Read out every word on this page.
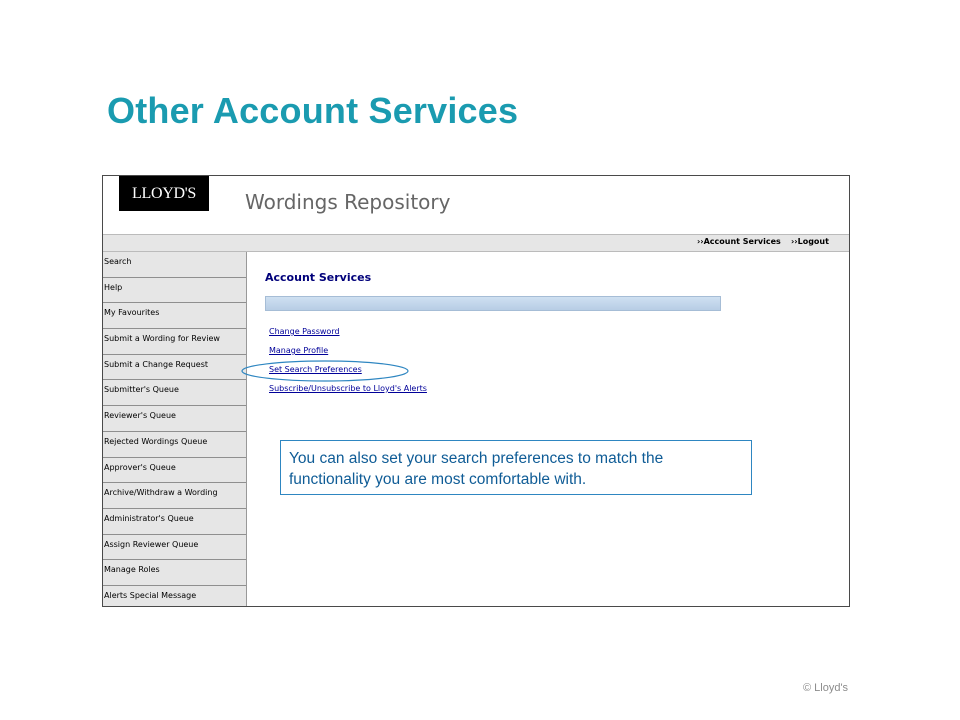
Other Account Services
LLOYD'S	Wordings Repository
››Account Services ››Logout
Search
Help
My Favourites
Submit a Wording for Review
Submit a Change Request
Submitter's Queue
Reviewer's Queue
Rejected Wordings Queue
Approver's Queue
Archive/Withdraw a Wording
Administrator's Queue
Assign Reviewer Queue
Manage Roles
Alerts Special Message
Account Services
Change Password
Manage Profile
Set Search Preferences
Subscribe/Unsubscribe to Lloyd's Alerts
You can also set your search preferences to match the functionality you are most comfortable with.
© Lloyd's
